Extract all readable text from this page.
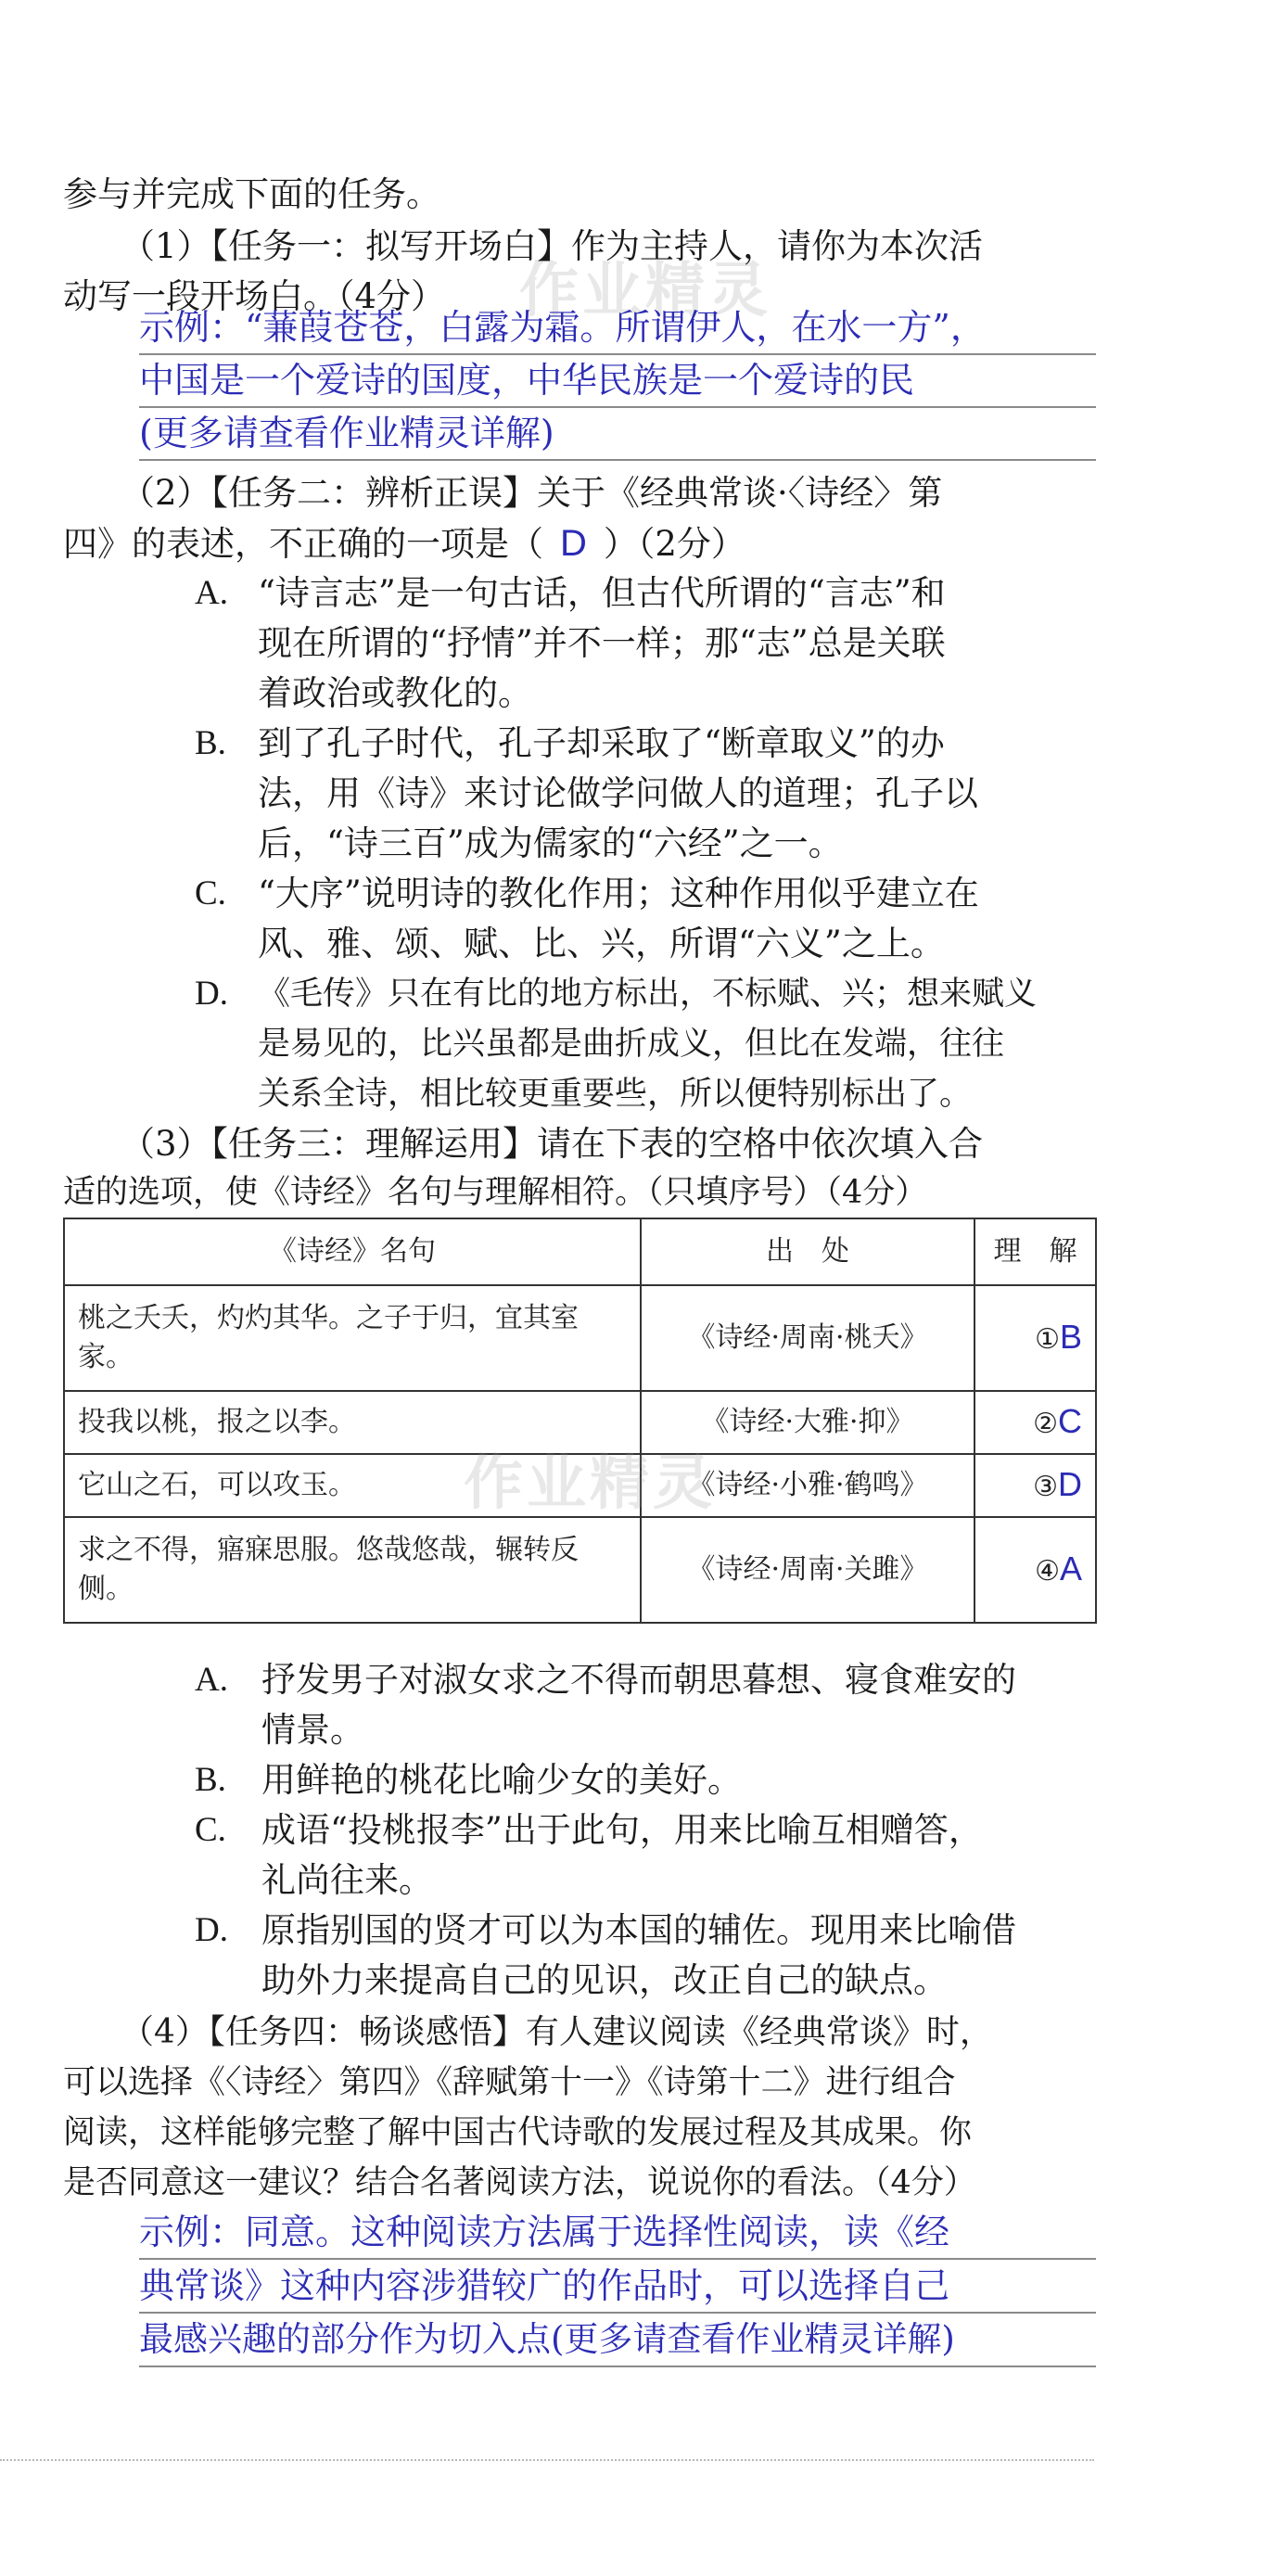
参与并完成下面的任务。
（1）【任务一：拟写开场白】作为主持人，请你为本次活
动写一段开场白。（4分） 作业精灵
示例：“蒹葭苍苍，白露为霜。所谓伊人，在水一方”，
中国是一个爱诗的国度，中华民族是一个爱诗的民
(更多请查看作业精灵详解)
（2）【任务二：辨析正误】关于《经典常谈·〈诗经〉第
四》的表述，不正确的一项是（ D ）（2分）
A. “诗言志”是一句古话，但古代所谓的“言志”和
现在所谓的“抒情”并不一样；那“志”总是关联
着政治或教化的。
B. 到了孔子时代，孔子却采取了“断章取义”的办
法，用《诗》来讨论做学问做人的道理；孔子以
后，“诗三百”成为儒家的“六经”之一。
C. “大序”说明诗的教化作用；这种作用似乎建立在
风、雅、颂、赋、比、兴，所谓“六义”之上。
D. 《毛传》只在有比的地方标出，不标赋、兴；想来赋义
是易见的，比兴虽都是曲折成义，但比在发端，往往
关系全诗，相比较更重要些，所以便特别标出了。
（3）【任务三：理解运用】请在下表的空格中依次填入合
适的选项，使《诗经》名句与理解相符。（只填序号）（4分）
《诗经》名句	出　处	理　解
桃之夭夭，灼灼其华。之子于归，宜其室家。	《诗经·周南·桃夭》	①B
投我以桃，报之以李。	《诗经·大雅·抑》	②C
它山之石，可以攻玉。	《诗经·小雅·鹤鸣》	③D
求之不得，寤寐思服。悠哉悠哉，辗转反侧。	《诗经·周南·关雎》	④A
作业精灵
A. 抒发男子对淑女求之不得而朝思暮想、寝食难安的
情景。
B. 用鲜艳的桃花比喻少女的美好。
C. 成语“投桃报李”出于此句，用来比喻互相赠答，
礼尚往来。
D. 原指别国的贤才可以为本国的辅佐。现用来比喻借
助外力来提高自己的见识，改正自己的缺点。
（4）【任务四：畅谈感悟】有人建议阅读《经典常谈》时，
可以选择《〈诗经〉第四》《辞赋第十一》《诗第十二》进行组合
阅读，这样能够完整了解中国古代诗歌的发展过程及其成果。你
是否同意这一建议？结合名著阅读方法，说说你的看法。（4分）
示例：同意。这种阅读方法属于选择性阅读，读《经
典常谈》这种内容涉猎较广的作品时，可以选择自己
最感兴趣的部分作为切入点(更多请查看作业精灵详解)
